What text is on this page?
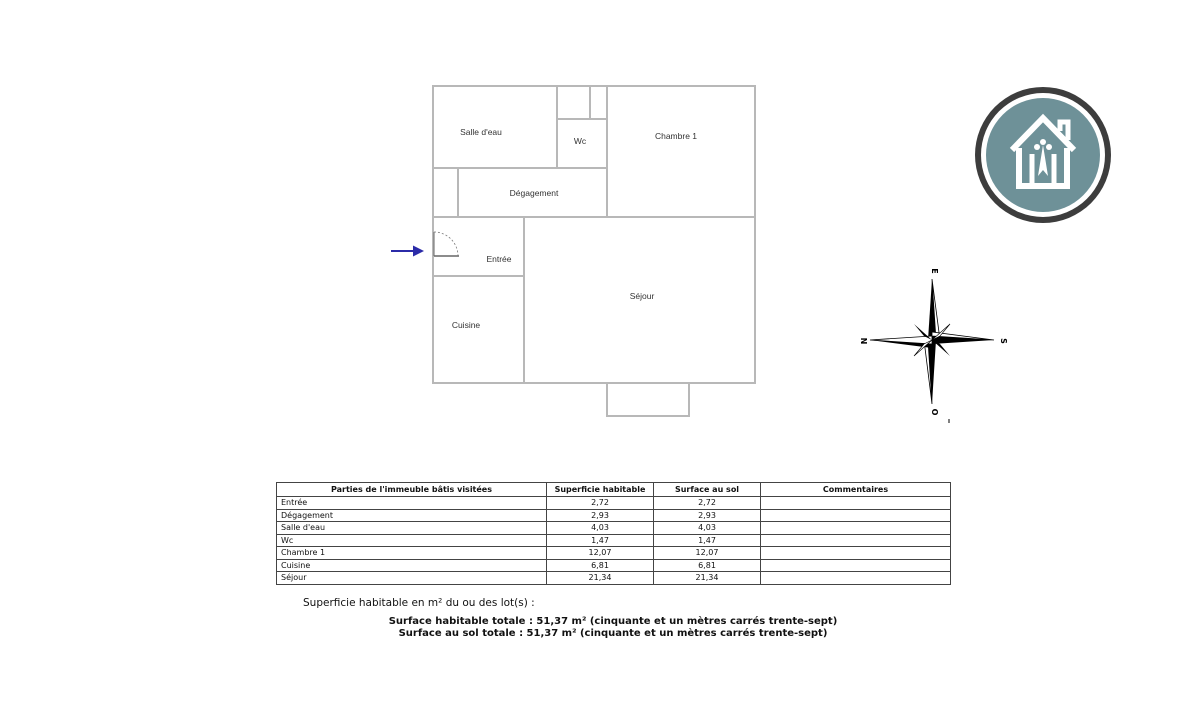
Salle d'eau
Wc	Chambre 1
Dégagement
Entrée
Séjour
Cuisine
E
N	S
O
Parties de l'immeuble bâtis visitées	Superficie habitable	Surface au sol	Commentaires
Entrée	2,72	2,72	
Dégagement	2,93	2,93	
Salle d'eau	4,03	4,03	
Wc	1,47	1,47	
Chambre 1	12,07	12,07	
Cuisine	6,81	6,81	
Séjour	21,34	21,34	
Superficie habitable en m² du ou des lot(s) :
Surface habitable totale : 51,37 m² (cinquante et un mètres carrés trente-sept)
Surface au sol totale : 51,37 m² (cinquante et un mètres carrés trente-sept)
